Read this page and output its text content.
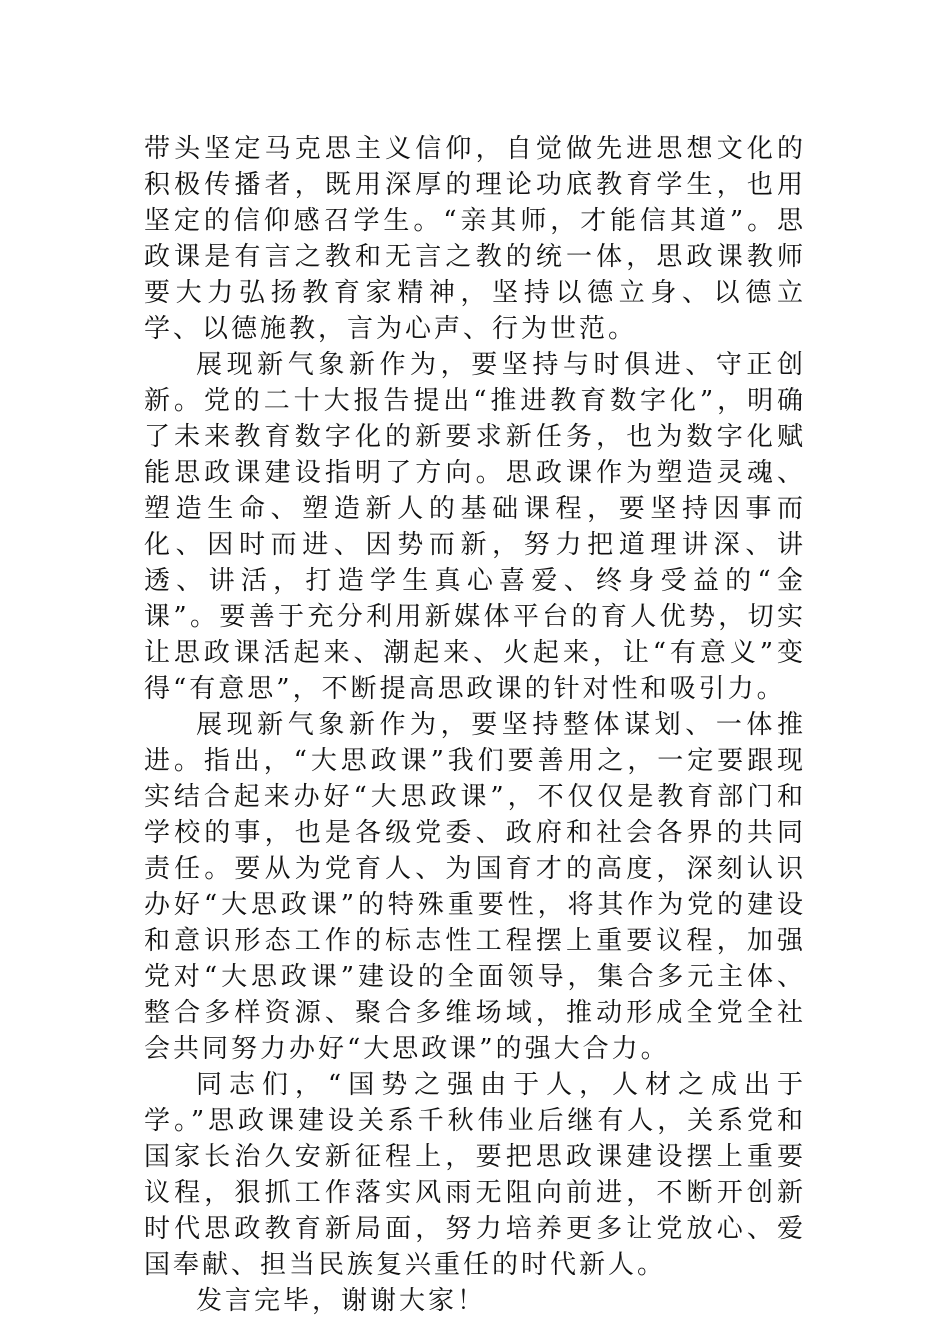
带头坚定马克思主义信仰，自觉做先进思想文化的积极传播者，既用深厚的理论功底教育学生，也用坚定的信仰感召学生。“亲其师，才能信其道”。思政课是有言之教和无言之教的统一体，思政课教师要大力弘扬教育家精神，坚持以德立身、以德立学、以德施教，言为心声、行为世范。

展现新气象新作为，要坚持与时俱进、守正创新。党的二十大报告提出“推进教育数字化”，明确了未来教育数字化的新要求新任务，也为数字化赋能思政课建设指明了方向。思政课作为塑造灵魂、塑造生命、塑造新人的基础课程，要坚持因事而化、因时而进、因势而新，努力把道理讲深、讲透、讲活，打造学生真心喜爱、终身受益的“金课”。要善于充分利用新媒体平台的育人优势，切实让思政课活起来、潮起来、火起来，让“有意义”变得“有意思”，不断提高思政课的针对性和吸引力。

展现新气象新作为，要坚持整体谋划、一体推进。指出，“大思政课”我们要善用之，一定要跟现实结合起来办好“大思政课”，不仅仅是教育部门和学校的事，也是各级党委、政府和社会各界的共同责任。要从为党育人、为国育才的高度，深刻认识办好“大思政课”的特殊重要性，将其作为党的建设和意识形态工作的标志性工程摆上重要议程，加强党对“大思政课”建设的全面领导，集合多元主体、整合多样资源、聚合多维场域，推动形成全党全社会共同努力办好“大思政课”的强大合力。

同志们，“国势之强由于人，人材之成出于学。”思政课建设关系千秋伟业后继有人，关系党和国家长治久安新征程上，要把思政课建设摆上重要议程，狠抓工作落实风雨无阻向前进，不断开创新时代思政教育新局面，努力培养更多让党放心、爱国奉献、担当民族复兴重任的时代新人。

发言完毕，谢谢大家！
